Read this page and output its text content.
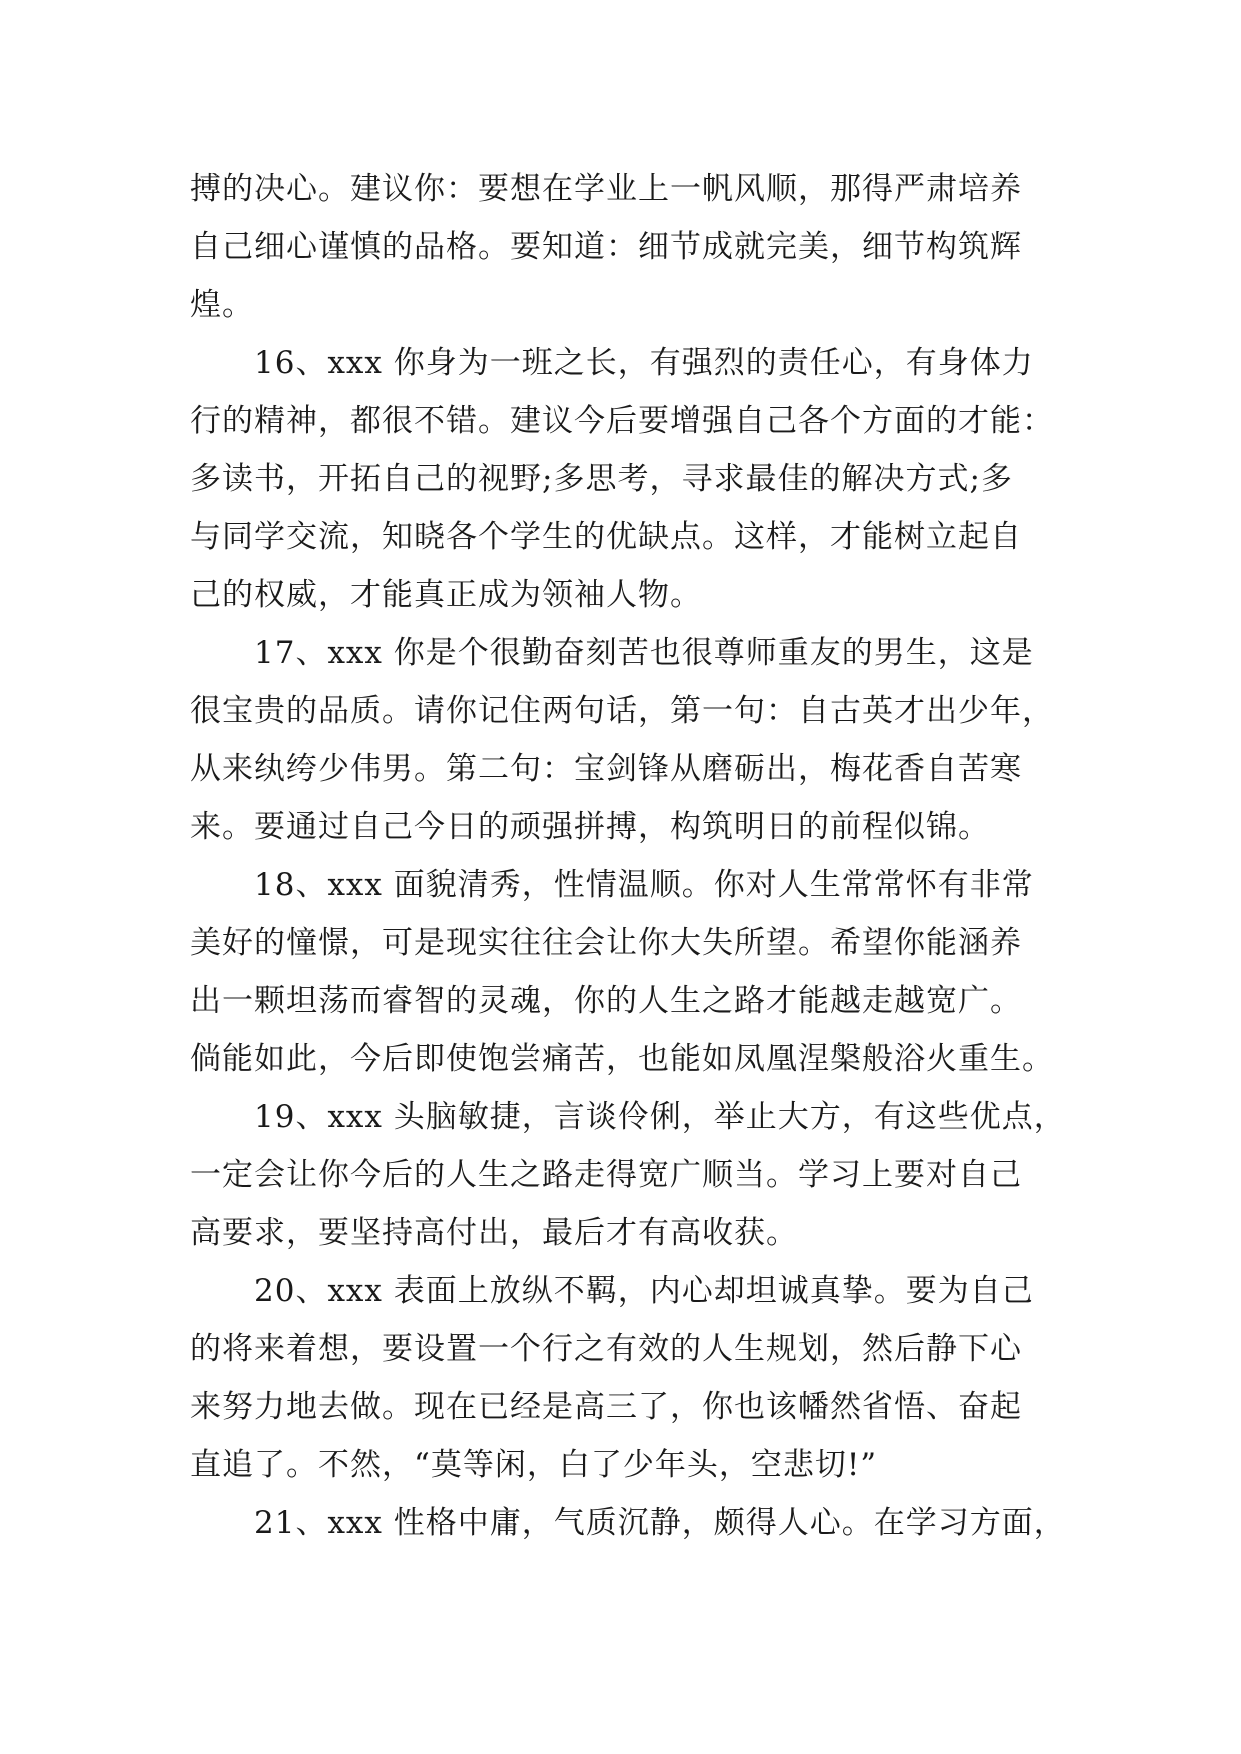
搏的决心。建议你：要想在学业上一帆风顺，那得严肃培养
自己细心谨慎的品格。要知道：细节成就完美，细节构筑辉
煌。
16、xxx 你身为一班之长，有强烈的责任心，有身体力
行的精神，都很不错。建议今后要增强自己各个方面的才能：
多读书，开拓自己的视野;多思考，寻求最佳的解决方式;多
与同学交流，知晓各个学生的优缺点。这样，才能树立起自
己的权威，才能真正成为领袖人物。
17、xxx 你是个很勤奋刻苦也很尊师重友的男生，这是
很宝贵的品质。请你记住两句话，第一句：自古英才出少年，
从来纨绔少伟男。第二句：宝剑锋从磨砺出，梅花香自苦寒
来。要通过自己今日的顽强拼搏，构筑明日的前程似锦。
18、xxx 面貌清秀，性情温顺。你对人生常常怀有非常
美好的憧憬，可是现实往往会让你大失所望。希望你能涵养
出一颗坦荡而睿智的灵魂，你的人生之路才能越走越宽广。
倘能如此，今后即使饱尝痛苦，也能如凤凰涅槃般浴火重生。
19、xxx 头脑敏捷，言谈伶俐，举止大方，有这些优点，
一定会让你今后的人生之路走得宽广顺当。学习上要对自己
高要求，要坚持高付出，最后才有高收获。
20、xxx 表面上放纵不羁，内心却坦诚真挚。要为自己
的将来着想，要设置一个行之有效的人生规划，然后静下心
来努力地去做。现在已经是高三了，你也该幡然省悟、奋起
直追了。不然，“莫等闲，白了少年头，空悲切!”
21、xxx 性格中庸，气质沉静，颇得人心。在学习方面，
